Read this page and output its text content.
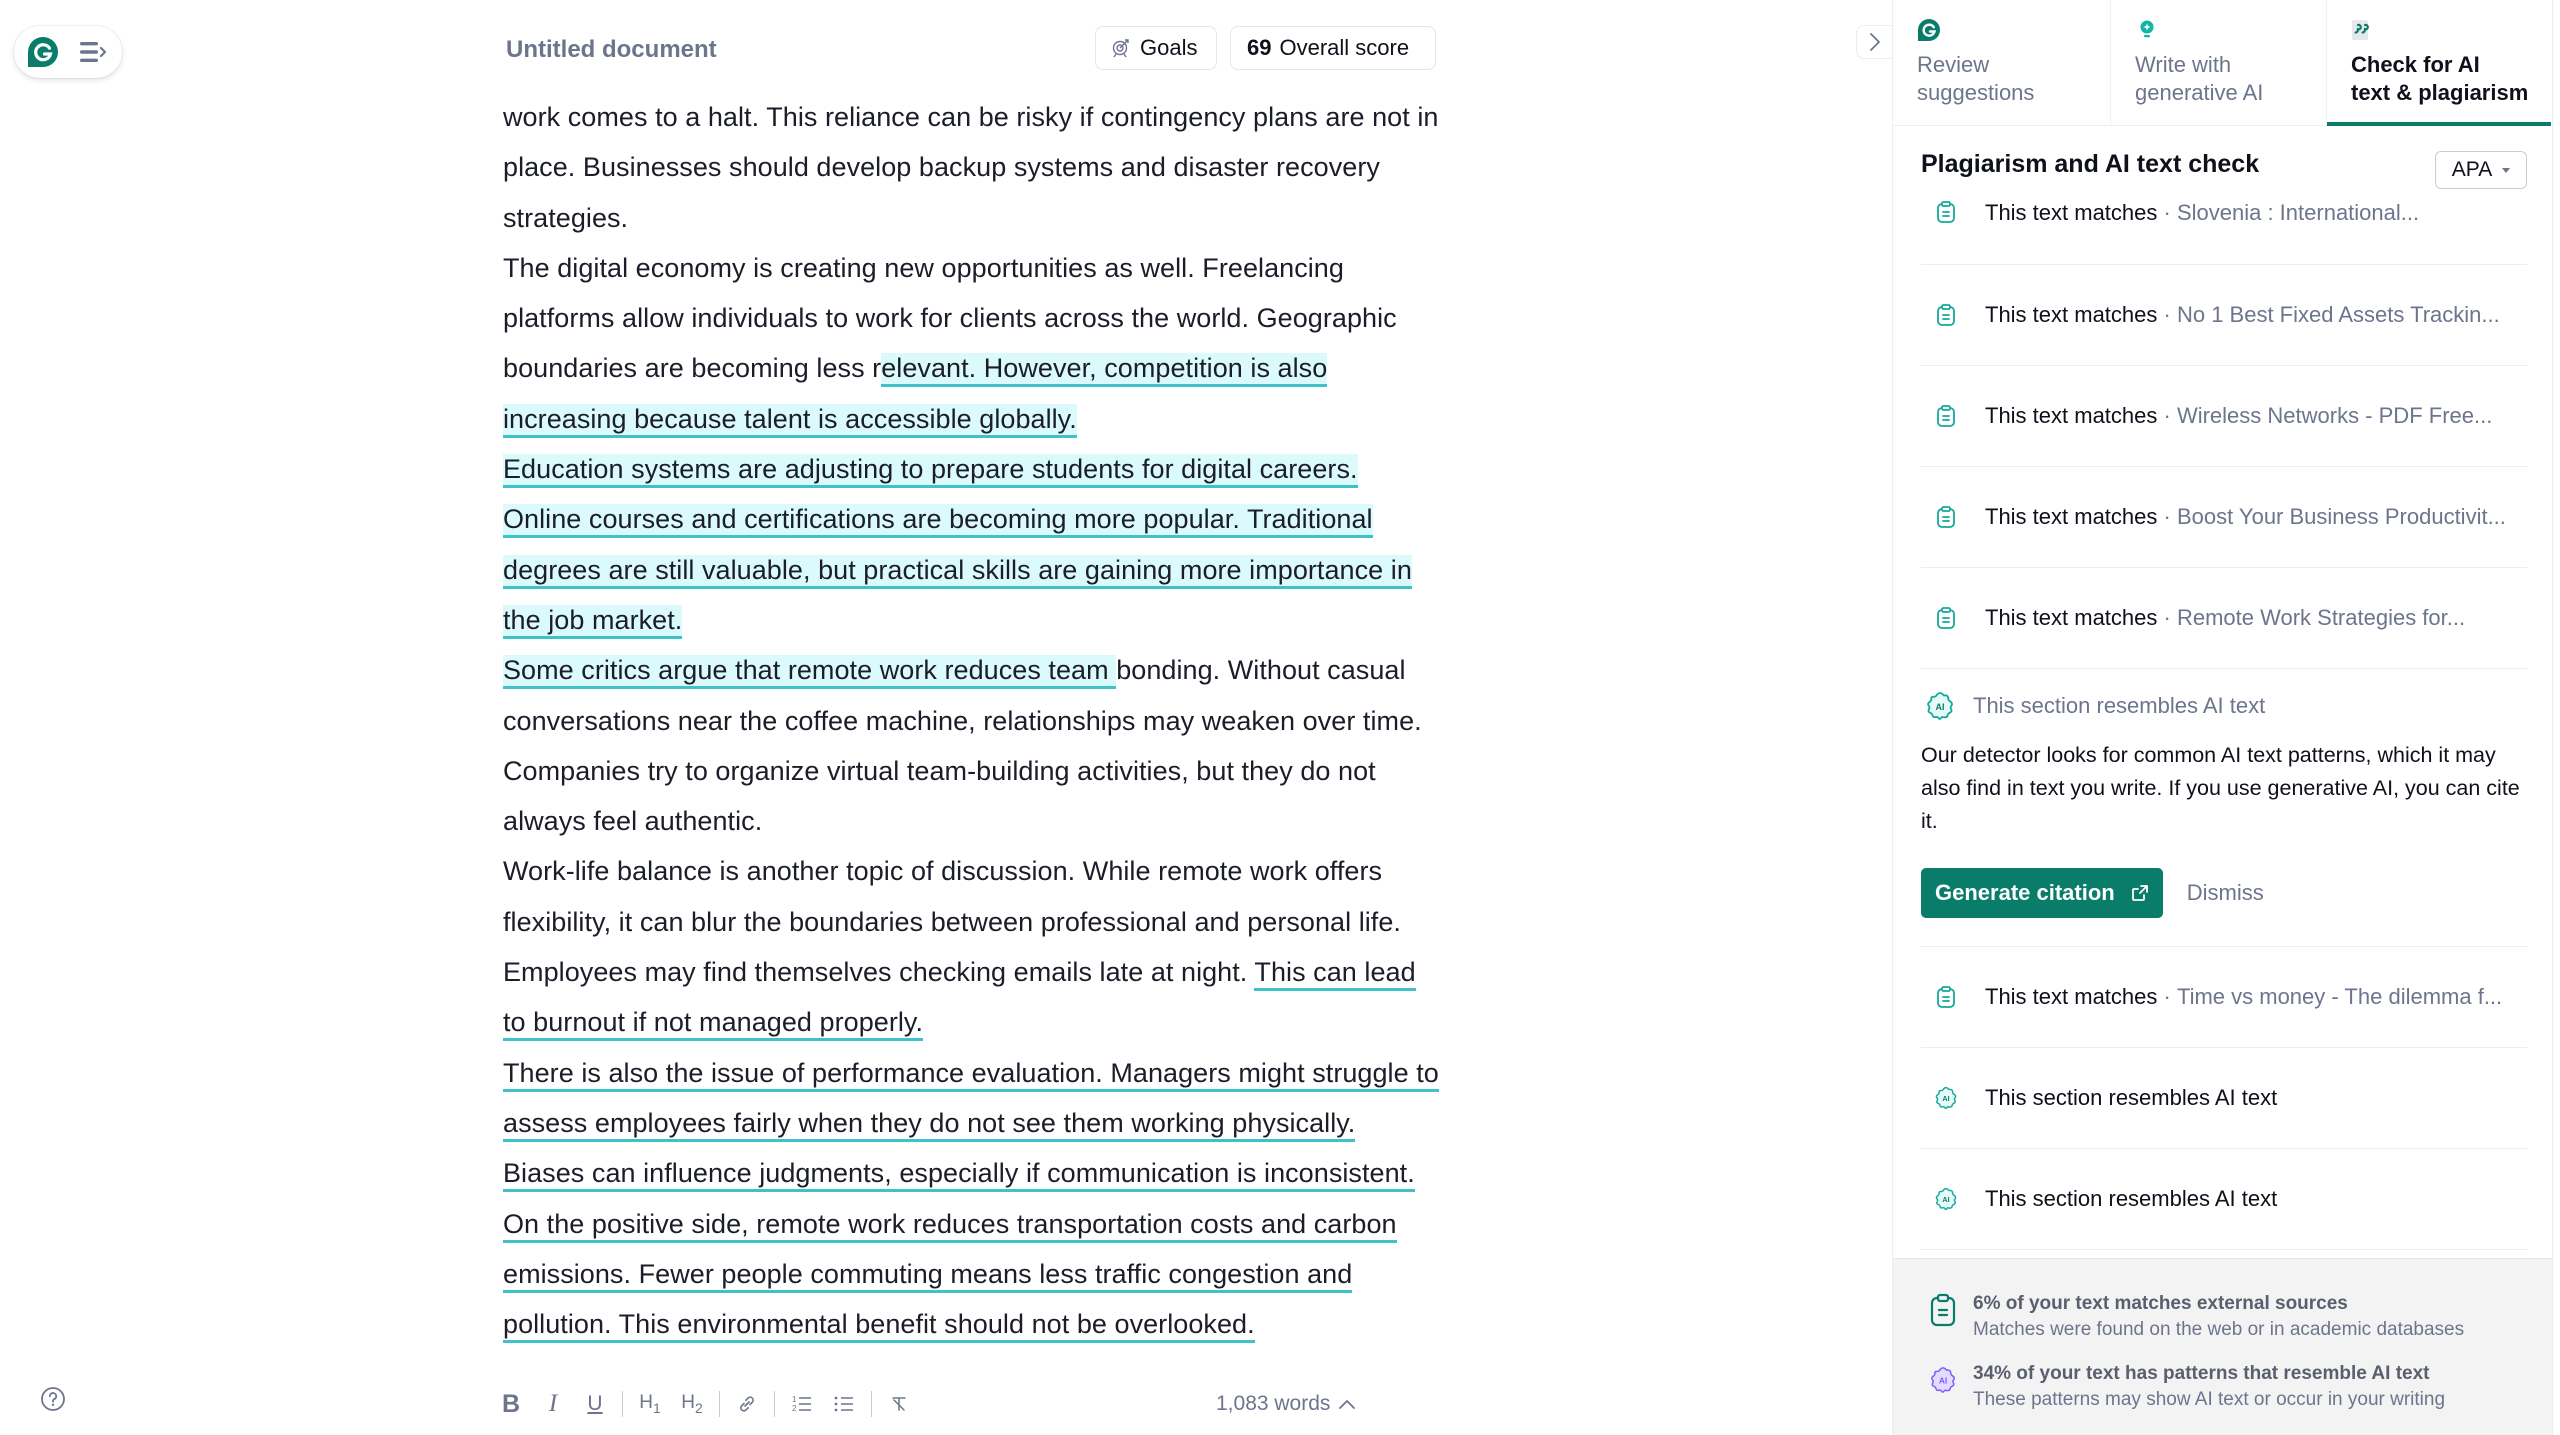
Untitled document	Goals 69 Overall score

work comes to a halt. This reliance can be risky if contingency plans are not in place. Businesses should develop backup systems and disaster recovery strategies.

The digital economy is creating new opportunities as well. Freelancing platforms allow individuals to work for clients across the world. Geographic boundaries are becoming less relevant. However, competition is also increasing because talent is accessible globally.

Education systems are adjusting to prepare students for digital careers. Online courses and certifications are becoming more popular. Traditional degrees are still valuable, but practical skills are gaining more importance in the job market.

Some critics argue that remote work reduces team bonding. Without casual conversations near the coffee machine, relationships may weaken over time. Companies try to organize virtual team-building activities, but they do not always feel authentic.

Work-life balance is another topic of discussion. While remote work offers flexibility, it can blur the boundaries between professional and personal life. Employees may find themselves checking emails late at night. This can lead to burnout if not managed properly.

There is also the issue of performance evaluation. Managers might struggle to assess employees fairly when they do not see them working physically. Biases can influence judgments, especially if communication is inconsistent.

On the positive side, remote work reduces transportation costs and carbon emissions. Fewer people commuting means less traffic congestion and pollution. This environmental benefit should not be overlooked.

B I U $H_1$ $H_2$
1
2	1,083 words
Review
suggestions
Write with
generative AI
Check for AI
text & plagiarism
Plagiarism and AI text check	APA
This text matches · Slovenia : International...
This text matches · No 1 Best Fixed Assets Trackin...
This text matches · Wireless Networks - PDF Free...
This text matches · Boost Your Business Productivit...
This text matches · Remote Work Strategies for...
AI This section resembles AI text
Our detector looks for common AI text patterns, which it may also find in text you write. If you use generative AI, you can cite it.
Generate citation	Dismiss
This text matches · Time vs money - The dilemma f...
AI This section resembles AI text
AI This section resembles AI text
6% of your text matches external sources
Matches were found on the web or in academic databases
AI 34% of your text has patterns that resemble AI text
These patterns may show AI text or occur in your writing
